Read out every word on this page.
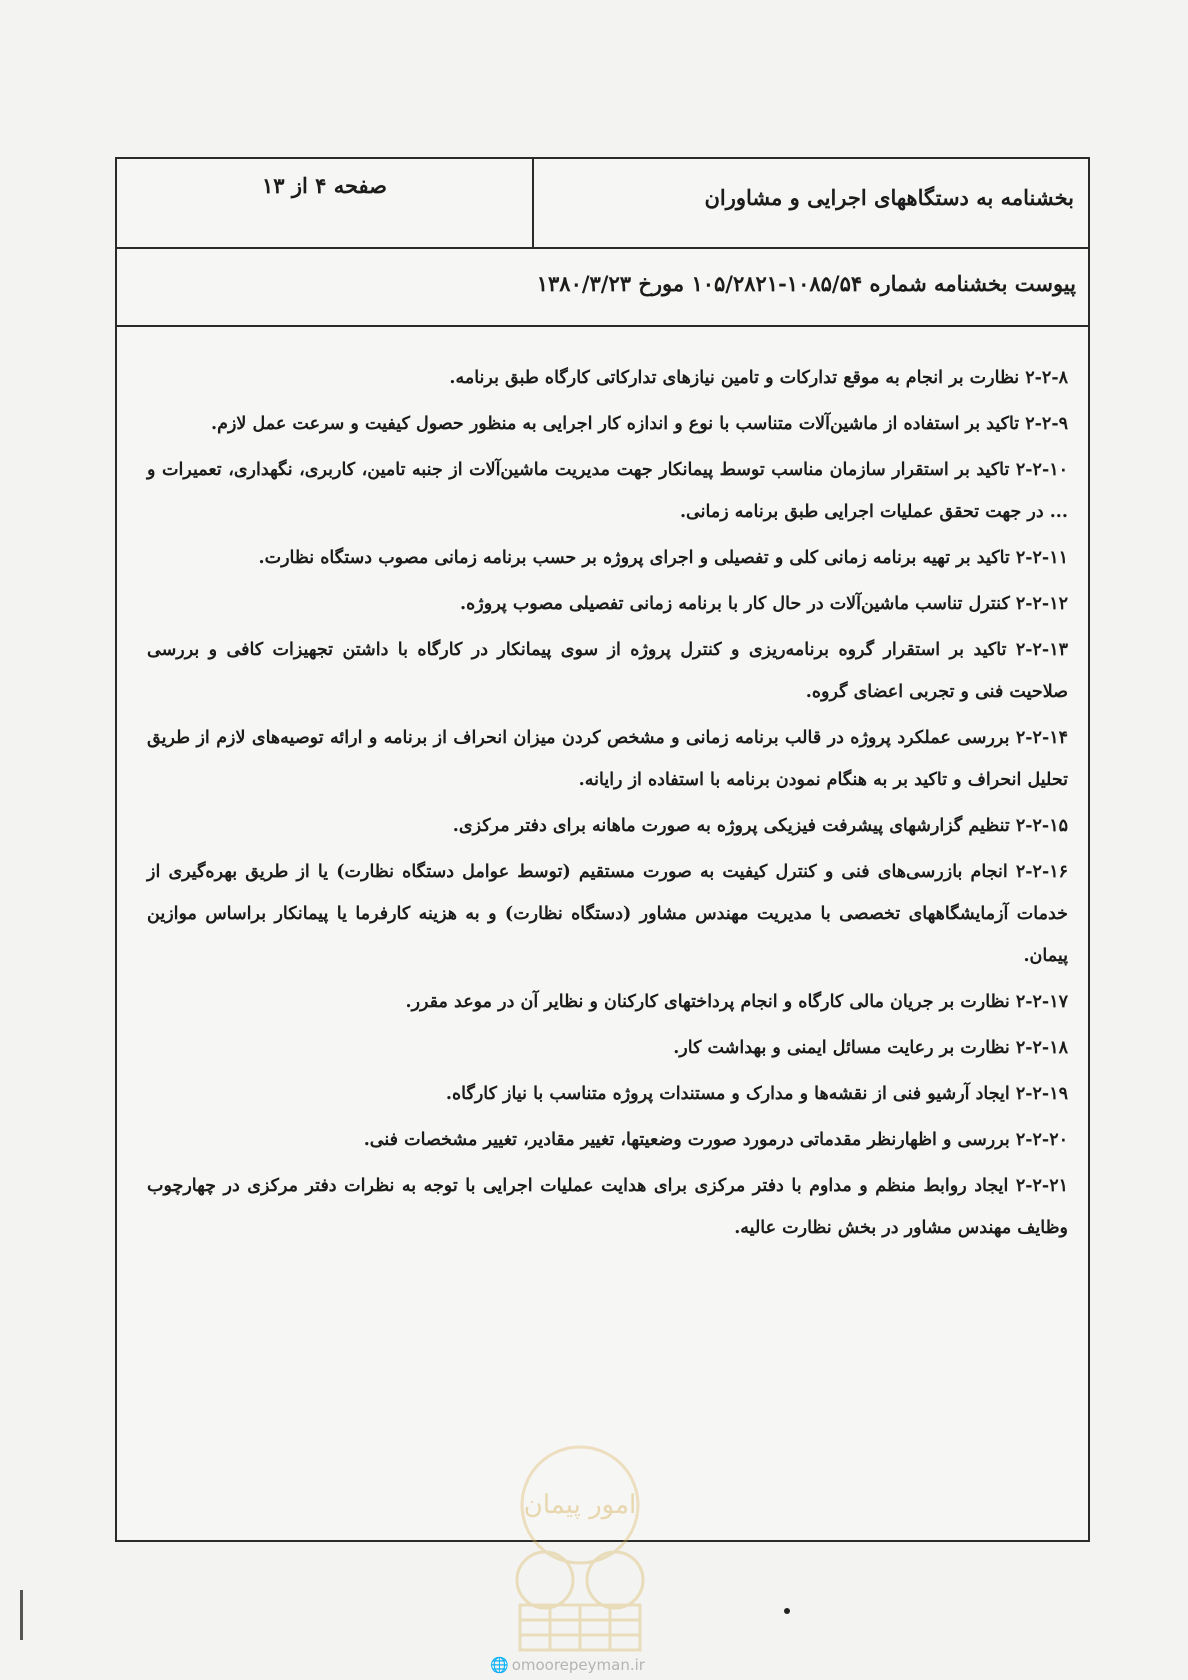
بخشنامه به دستگاههای اجرایی و مشاوران
صفحه ۴ از ۱۳
پیوست بخشنامه شماره ۱۰۸۵/۵۴-۱۰۵/۲۸۲۱ مورخ ۱۳۸۰/۳/۲۳
۲-۲-۸ نظارت بر انجام به موقع تدارکات و تامین نیازهای تدارکاتی کارگاه طبق برنامه.
۲-۲-۹ تاکید بر استفاده از ماشین‌آلات متناسب با نوع و اندازه کار اجرایی به منظور حصول کیفیت و سرعت عمل لازم.
۲-۲-۱۰ تاکید بر استقرار سازمان مناسب توسط پیمانکار جهت مدیریت ماشین‌آلات از جنبه تامین، کاربری، نگهداری، تعمیرات و ... در جهت تحقق عملیات اجرایی طبق برنامه زمانی.
۲-۲-۱۱ تاکید بر تهیه برنامه زمانی کلی و تفصیلی و اجرای پروژه بر حسب برنامه زمانی مصوب دستگاه نظارت.
۲-۲-۱۲ کنترل تناسب ماشین‌آلات در حال کار با برنامه زمانی تفصیلی مصوب پروژه.
۲-۲-۱۳ تاکید بر استقرار گروه برنامه‌ریزی و کنترل پروژه از سوی پیمانکار در کارگاه با داشتن تجهیزات کافی و بررسی صلاحیت فنی و تجربی اعضای گروه.
۲-۲-۱۴ بررسی عملکرد پروژه در قالب برنامه زمانی و مشخص کردن میزان انحراف از برنامه و ارائه توصیه‌های لازم از طریق تحلیل انحراف و تاکید بر به هنگام نمودن برنامه با استفاده از رایانه.
۲-۲-۱۵ تنظیم گزارشهای پیشرفت فیزیکی پروژه به صورت ماهانه برای دفتر مرکزی.
۲-۲-۱۶ انجام بازرسی‌های فنی و کنترل کیفیت به صورت مستقیم (توسط عوامل دستگاه نظارت) یا از طریق بهره‌گیری از خدمات آزمایشگاههای تخصصی با مدیریت مهندس مشاور (دستگاه نظارت) و به هزینه کارفرما یا پیمانکار براساس موازین پیمان.
۲-۲-۱۷ نظارت بر جریان مالی کارگاه و انجام پرداختهای کارکنان و نظایر آن در موعد مقرر.
۲-۲-۱۸ نظارت بر رعایت مسائل ایمنی و بهداشت کار.
۲-۲-۱۹ ایجاد آرشیو فنی از نقشه‌ها و مدارک و مستندات پروژه متناسب با نیاز کارگاه.
۲-۲-۲۰ بررسی و اظهارنظر مقدماتی درمورد صورت وضعیتها، تغییر مقادیر، تغییر مشخصات فنی.
۲-۲-۲۱ ایجاد روابط منظم و مداوم با دفتر مرکزی برای هدایت عملیات اجرایی با توجه به نظرات دفتر مرکزی در چهارچوب وظایف مهندس مشاور در بخش نظارت عالیه.
امور پیمان
🌐 omoorepeyman.ir
